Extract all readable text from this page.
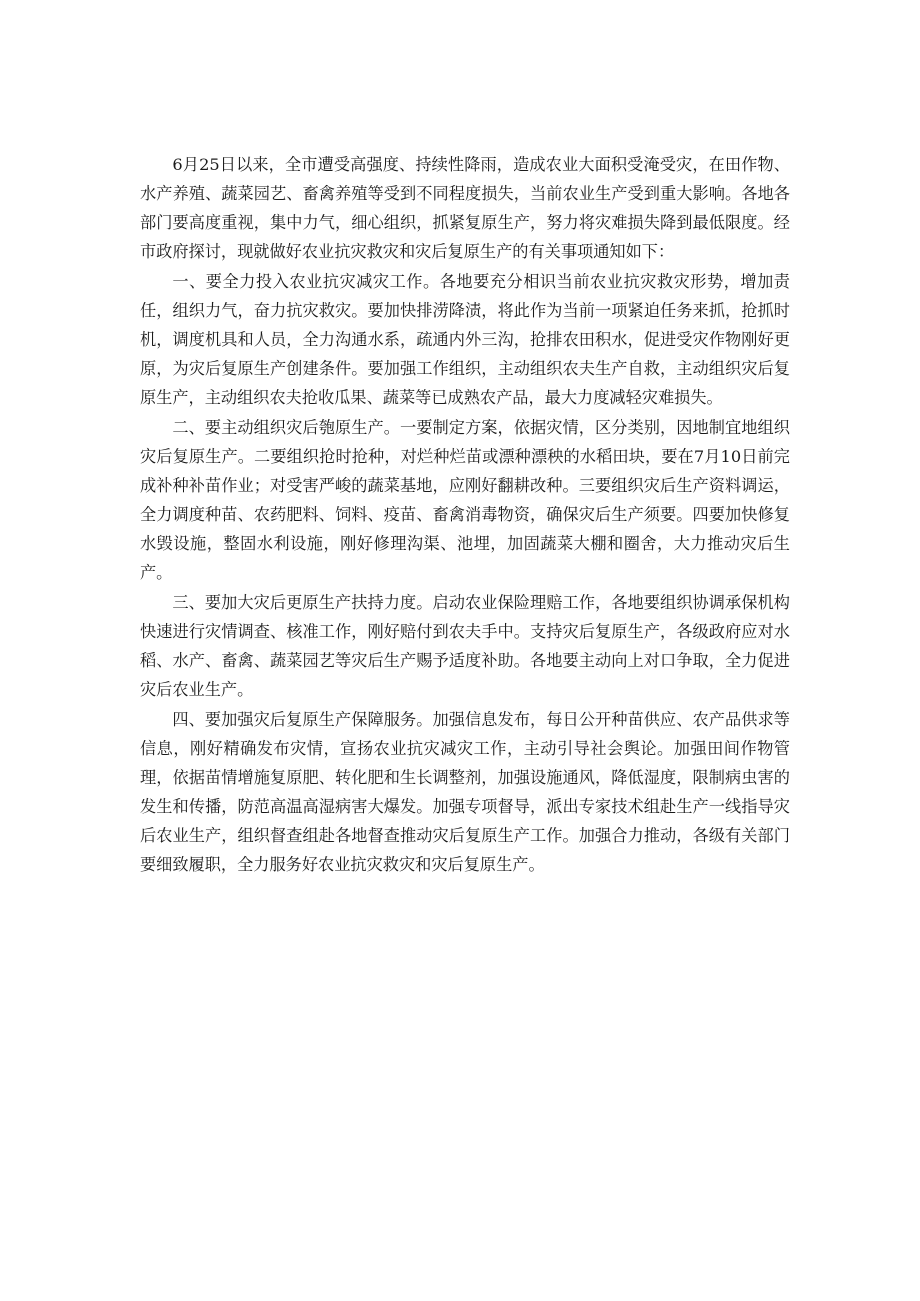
6月25日以来，全市遭受高强度、持续性降雨，造成农业大面积受淹受灾，在田作物、水产养殖、蔬菜园艺、畜禽养殖等受到不同程度损失，当前农业生产受到重大影响。各地各部门要高度重视，集中力气，细心组织，抓紧复原生产，努力将灾难损失降到最低限度。经市政府探讨，现就做好农业抗灾救灾和灾后复原生产的有关事项通知如下：

一、要全力投入农业抗灾减灾工作。各地要充分相识当前农业抗灾救灾形势，增加责任，组织力气，奋力抗灾救灾。要加快排涝降渍，将此作为当前一项紧迫任务来抓，抢抓时机，调度机具和人员，全力沟通水系，疏通内外三沟，抢排农田积水，促进受灾作物刚好更原，为灾后复原生产创建条件。要加强工作组织，主动组织农夫生产自救，主动组织灾后复原生产，主动组织农夫抢收瓜果、蔬菜等已成熟农产品，最大力度减轻灾难损失。

二、要主动组织灾后匏原生产。一要制定方案，依据灾情，区分类别，因地制宜地组织灾后复原生产。二要组织抢时抢种，对烂种烂苗或漂种漂秧的水稻田块，要在7月10日前完成补种补苗作业；对受害严峻的蔬菜基地，应刚好翻耕改种。三要组织灾后生产资料调运，全力调度种苗、农药肥料、饲料、疫苗、畜禽消毒物资，确保灾后生产须要。四要加快修复水毁设施，整固水利设施，刚好修理沟渠、池埋，加固蔬菜大棚和圈舍，大力推动灾后生产。

三、要加大灾后更原生产扶持力度。启动农业保险理赔工作，各地要组织协调承保机构快速进行灾情调查、核准工作，刚好赔付到农夫手中。支持灾后复原生产，各级政府应对水稻、水产、畜禽、蔬菜园艺等灾后生产赐予适度补助。各地要主动向上对口争取，全力促进灾后农业生产。

四、要加强灾后复原生产保障服务。加强信息发布，每日公开种苗供应、农产品供求等信息，刚好精确发布灾情，宣扬农业抗灾减灾工作，主动引导社会舆论。加强田间作物管理，依据苗情增施复原肥、转化肥和生长调整剂，加强设施通风，降低湿度，限制病虫害的发生和传播，防范高温高湿病害大爆发。加强专项督导，派出专家技术组赴生产一线指导灾后农业生产，组织督查组赴各地督查推动灾后复原生产工作。加强合力推动，各级有关部门要细致履职，全力服务好农业抗灾救灾和灾后复原生产。
